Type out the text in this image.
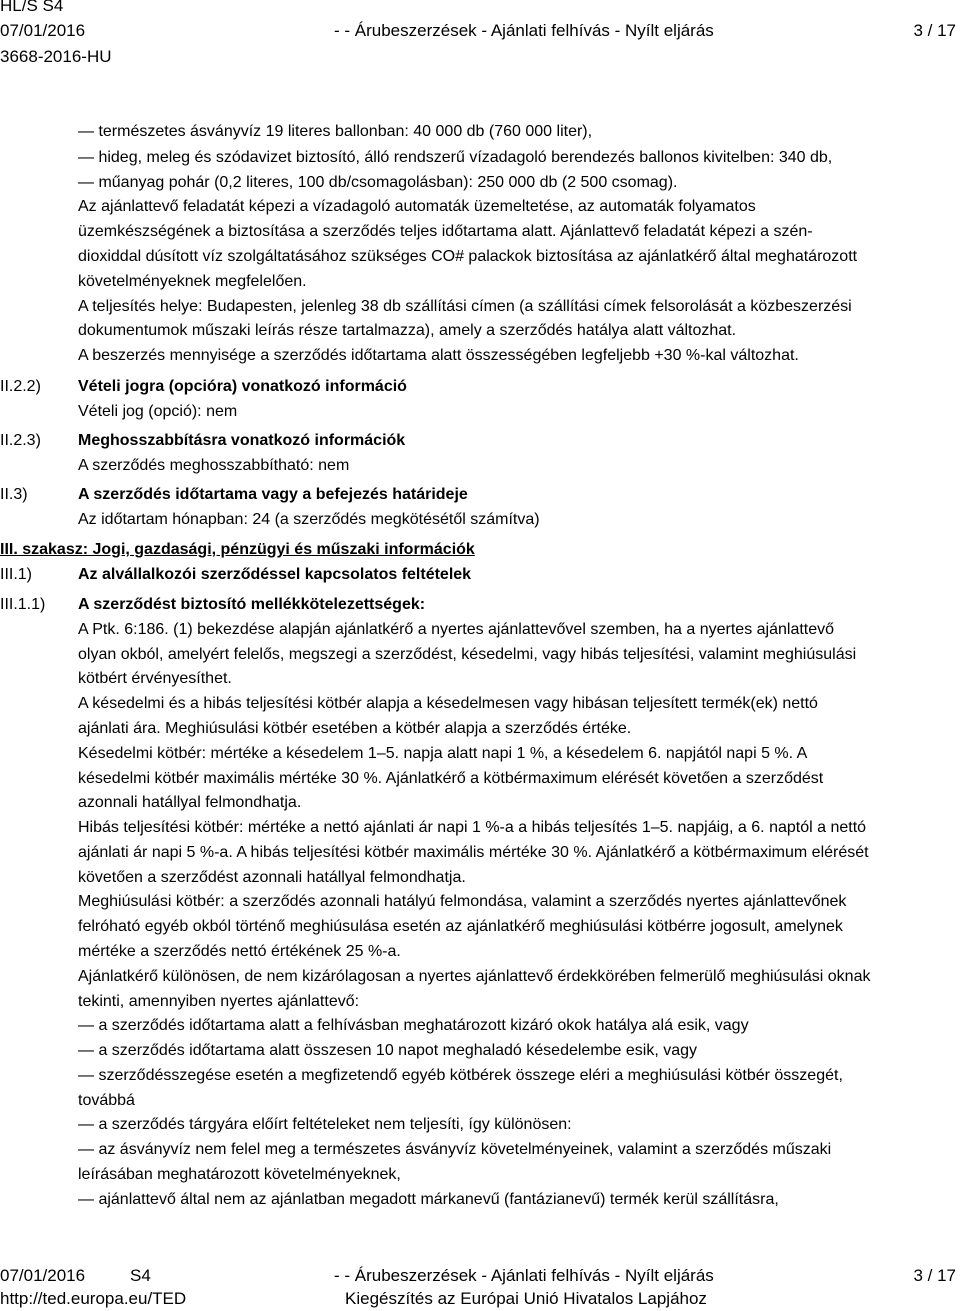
HL/S S4
07/01/2016
3668-2016-HU
- - Árubeszerzések - Ajánlati felhívás - Nyílt eljárás	3 / 17
— természetes ásványvíz 19 literes ballonban: 40 000 db (760 000 liter),
— hideg, meleg és szódavizet biztosító, álló rendszerű vízadagoló berendezés ballonos kivitelben: 340 db,
— műanyag pohár (0,2 literes, 100 db/csomagolásban): 250 000 db (2 500 csomag).
Az ajánlattevő feladatát képezi a vízadagoló automaták üzemeltetése, az automaták folyamatos
üzemkészségének a biztosítása a szerződés teljes időtartama alatt. Ajánlattevő feladatát képezi a szén-
dioxiddal dúsított víz szolgáltatásához szükséges CO# palackok biztosítása az ajánlatkérő által meghatározott
követelményeknek megfelelően.
A teljesítés helye: Budapesten, jelenleg 38 db szállítási címen (a szállítási címek felsorolását a közbeszerzési
dokumentumok műszaki leírás része tartalmazza), amely a szerződés hatálya alatt változhat.
A beszerzés mennyisége a szerződés időtartama alatt összességében legfeljebb +30 %-kal változhat.
II.2.2) Vételi jogra (opcióra) vonatkozó információ
Vételi jog (opció): nem
II.2.3) Meghosszabbításra vonatkozó információk
A szerződés meghosszabbítható: nem
II.3)	A szerződés időtartama vagy a befejezés határideje
Az időtartam hónapban: 24 (a szerződés megkötésétől számítva)
III. szakasz: Jogi, gazdasági, pénzügyi és műszaki információk
III.1)	Az alvállalkozói szerződéssel kapcsolatos feltételek
III.1.1) A szerződést biztosító mellékkötelezettségek:
A Ptk. 6:186. (1) bekezdése alapján ajánlatkérő a nyertes ajánlattevővel szemben, ha a nyertes ajánlattevő
olyan okból, amelyért felelős, megszegi a szerződést, késedelmi, vagy hibás teljesítési, valamint meghiúsulási
kötbért érvényesíthet.
A késedelmi és a hibás teljesítési kötbér alapja a késedelmesen vagy hibásan teljesített termék(ek) nettó
ajánlati ára. Meghiúsulási kötbér esetében a kötbér alapja a szerződés értéke.
Késedelmi kötbér: mértéke a késedelem 1–5. napja alatt napi 1 %, a késedelem 6. napjától napi 5 %. A
késedelmi kötbér maximális mértéke 30 %. Ajánlatkérő a kötbérmaximum elérését követően a szerződést
azonnali hatállyal felmondhatja.
Hibás teljesítési kötbér: mértéke a nettó ajánlati ár napi 1 %-a a hibás teljesítés 1–5. napjáig, a 6. naptól a nettó
ajánlati ár napi 5 %-a. A hibás teljesítési kötbér maximális mértéke 30 %. Ajánlatkérő a kötbérmaximum elérését
követően a szerződést azonnali hatállyal felmondhatja.
Meghiúsulási kötbér: a szerződés azonnali hatályú felmondása, valamint a szerződés nyertes ajánlattevőnek
felróható egyéb okból történő meghiúsulása esetén az ajánlatkérő meghiúsulási kötbérre jogosult, amelynek
mértéke a szerződés nettó értékének 25 %-a.
Ajánlatkérő különösen, de nem kizárólagosan a nyertes ajánlattevő érdekkörében felmerülő meghiúsulási oknak
tekinti, amennyiben nyertes ajánlattevő:
— a szerződés időtartama alatt a felhívásban meghatározott kizáró okok hatálya alá esik, vagy
— a szerződés időtartama alatt összesen 10 napot meghaladó késedelembe esik, vagy
— szerződésszegése esetén a megfizetendő egyéb kötbérek összege eléri a meghiúsulási kötbér összegét,
továbbá
— a szerződés tárgyára előírt feltételeket nem teljesíti, így különösen:
— az ásványvíz nem felel meg a természetes ásványvíz követelményeinek, valamint a szerződés műszaki
leírásában meghatározott követelményeknek,
— ajánlattevő által nem az ajánlatban megadott márkanevű (fantázianevű) termék kerül szállításra,
07/01/2016	S4
http://ted.europa.eu/TED
- - Árubeszerzések - Ajánlati felhívás - Nyílt eljárás
Kiegészítés az Európai Unió Hivatalos Lapjához
3 / 17
